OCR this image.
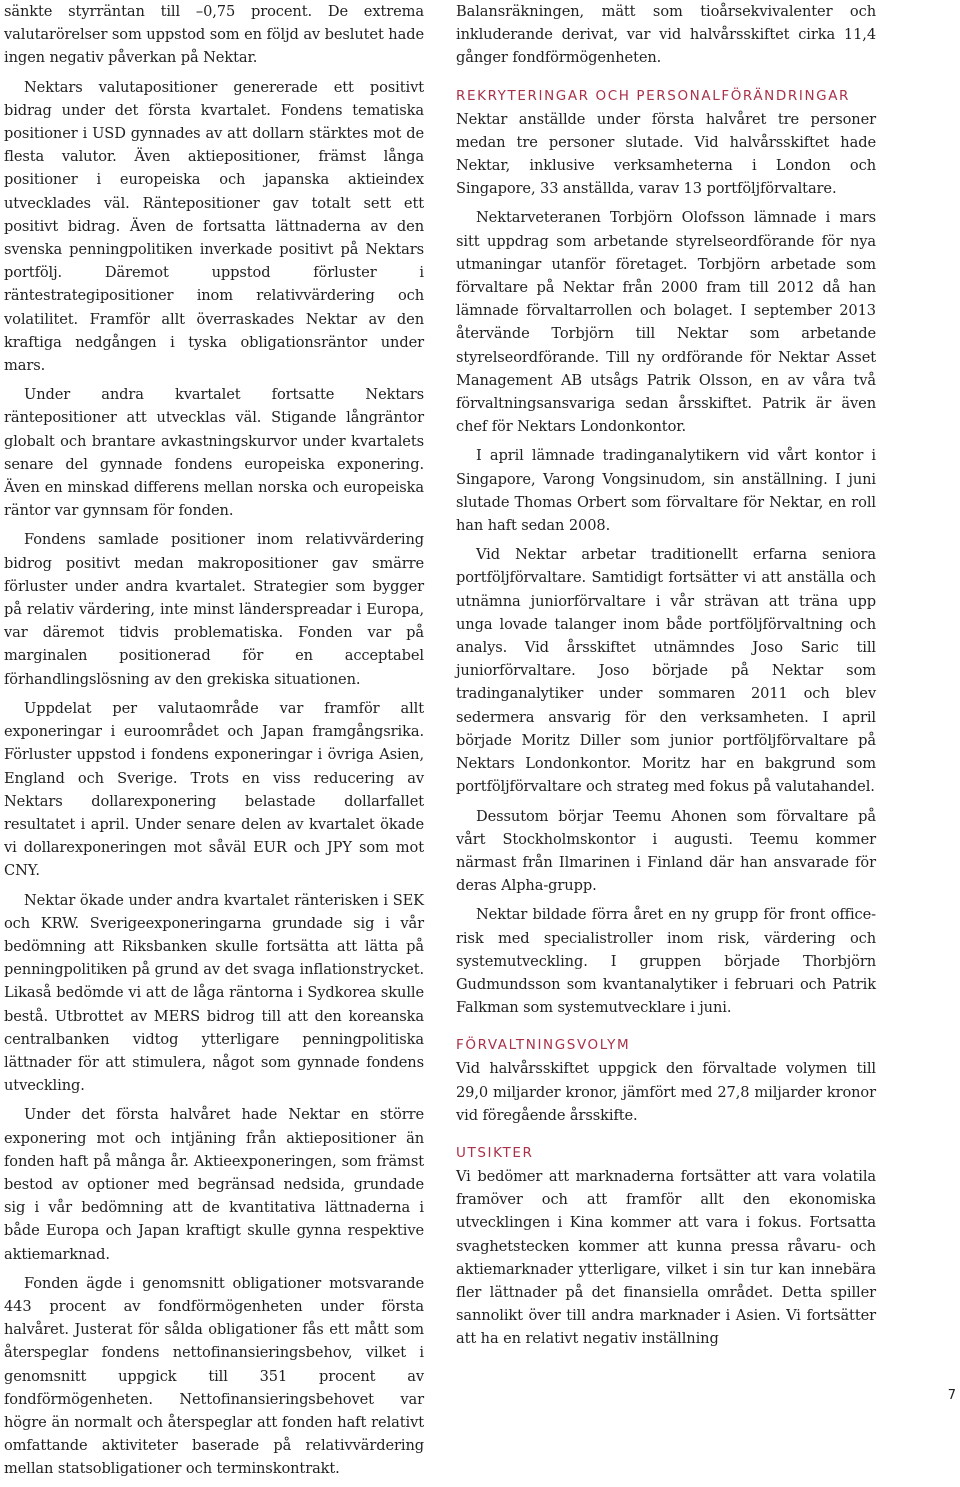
sänkte styrräntan till –0,75 procent. De extrema valutarörelser som uppstod som en följd av beslutet hade ingen negativ påverkan på Nektar.

Nektars valutapositioner genererade ett positivt bidrag under det första kvartalet. Fondens tematiska positioner i USD gynnades av att dollarn stärktes mot de flesta valutor. Även aktiepositioner, främst långa positioner i europeiska och japanska aktieindex utvecklades väl. Räntepositioner gav totalt sett ett positivt bidrag. Även de fortsatta lättnaderna av den svenska penningpolitiken inverkade positivt på Nektars portfölj. Däremot uppstod förluster i räntestrategipositioner inom relativvärdering och volatilitet. Framför allt överraskades Nektar av den kraftiga nedgången i tyska obligationsräntor under mars.

Under andra kvartalet fortsatte Nektars räntepositioner att utvecklas väl. Stigande långräntor globalt och brantare avkastningskurvor under kvartalets senare del gynnade fondens europeiska exponering. Även en minskad differens mellan norska och europeiska räntor var gynnsam för fonden.

Fondens samlade positioner inom relativvärdering bidrog positivt medan makropositioner gav smärre förluster under andra kvartalet. Strategier som bygger på relativ värdering, inte minst länderspreadar i Europa, var däremot tidvis problematiska. Fonden var på marginalen positionerad för en acceptabel förhandlingslösning av den grekiska situationen.

Uppdelat per valutaområde var framför allt exponeringar i euroområdet och Japan framgångsrika. Förluster uppstod i fondens exponeringar i övriga Asien, England och Sverige. Trots en viss reducering av Nektars dollarexponering belastade dollarfallet resultatet i april. Under senare delen av kvartalet ökade vi dollarexponeringen mot såväl EUR och JPY som mot CNY.

Nektar ökade under andra kvartalet ränterisken i SEK och KRW. Sverigeexponeringarna grundade sig i vår bedömning att Riksbanken skulle fortsätta att lätta på penningpolitiken på grund av det svaga inflationstrycket. Likaså bedömde vi att de låga räntorna i Sydkorea skulle bestå. Utbrottet av MERS bidrog till att den koreanska centralbanken vidtog ytterligare penningpolitiska lättnader för att stimulera, något som gynnade fondens utveckling.

Under det första halvåret hade Nektar en större exponering mot och intjäning från aktiepositioner än fonden haft på många år. Aktieexponeringen, som främst bestod av optioner med begränsad nedsida, grundade sig i vår bedömning att de kvantitativa lättnaderna i både Europa och Japan kraftigt skulle gynna respektive aktiemarknad.

Fonden ägde i genomsnitt obligationer motsvarande 443 procent av fondförmögenheten under första halvåret. Justerat för sålda obligationer fås ett mått som återspeglar fondens nettofinansieringsbehov, vilket i genomsnitt uppgick till 351 procent av fondförmögenheten. Nettofinansieringsbehovet var högre än normalt och återspeglar att fonden haft relativt omfattande aktiviteter baserade på relativvärdering mellan statsobligationer och terminskontrakt.

Balansräkningen, mätt som tioårsekvivalenter och inkluderande derivat, var vid halvårsskiftet cirka 11,4 gånger fondförmögenheten.

REKRYTERINGAR OCH PERSONALFÖRÄNDRINGAR

Nektar anställde under första halvåret tre personer medan tre personer slutade. Vid halvårsskiftet hade Nektar, inklusive verksamheterna i London och Singapore, 33 anställda, varav 13 portföljförvaltare.

Nektarveteranen Torbjörn Olofsson lämnade i mars sitt uppdrag som arbetande styrelseordförande för nya utmaningar utanför företaget. Torbjörn arbetade som förvaltare på Nektar från 2000 fram till 2012 då han lämnade förvaltarrollen och bolaget. I september 2013 återvände Torbjörn till Nektar som arbetande styrelseordförande. Till ny ordförande för Nektar Asset Management AB utsågs Patrik Olsson, en av våra två förvaltningsansvariga sedan årsskiftet. Patrik är även chef för Nektars Londonkontor.

I april lämnade tradinganalytikern vid vårt kontor i Singapore, Varong Vongsinudom, sin anställning. I juni slutade Thomas Orbert som förvaltare för Nektar, en roll han haft sedan 2008.

Vid Nektar arbetar traditionellt erfarna seniora portföljförvaltare. Samtidigt fortsätter vi att anställa och utnämna juniorförvaltare i vår strävan att träna upp unga lovade talanger inom både portföljförvaltning och analys. Vid årsskiftet utnämndes Joso Saric till juniorförvaltare. Joso började på Nektar som tradinganalytiker under sommaren 2011 och blev sedermera ansvarig för den verksamheten. I april började Moritz Diller som junior portföljförvaltare på Nektars Londonkontor. Moritz har en bakgrund som portföljförvaltare och strateg med fokus på valutahandel.

Dessutom börjar Teemu Ahonen som förvaltare på vårt Stockholmskontor i augusti. Teemu kommer närmast från Ilmarinen i Finland där han ansvarade för deras Alpha-grupp.

Nektar bildade förra året en ny grupp för front office-risk med specialistroller inom risk, värdering och systemutveckling. I gruppen började Thorbjörn Gudmundsson som kvantanalytiker i februari och Patrik Falkman som systemutvecklare i juni.

FÖRVALTNINGSVOLYM

Vid halvårsskiftet uppgick den förvaltade volymen till 29,0 miljarder kronor, jämfört med 27,8 miljarder kronor vid föregående årsskifte.

UTSIKTER

Vi bedömer att marknaderna fortsätter att vara volatila framöver och att framför allt den ekonomiska utvecklingen i Kina kommer att vara i fokus. Fortsatta svaghetstecken kommer att kunna pressa råvaru- och aktiemarknader ytterligare, vilket i sin tur kan innebära fler lättnader på det finansiella området. Detta spiller sannolikt över till andra marknader i Asien. Vi fortsätter att ha en relativt negativ inställning

7
